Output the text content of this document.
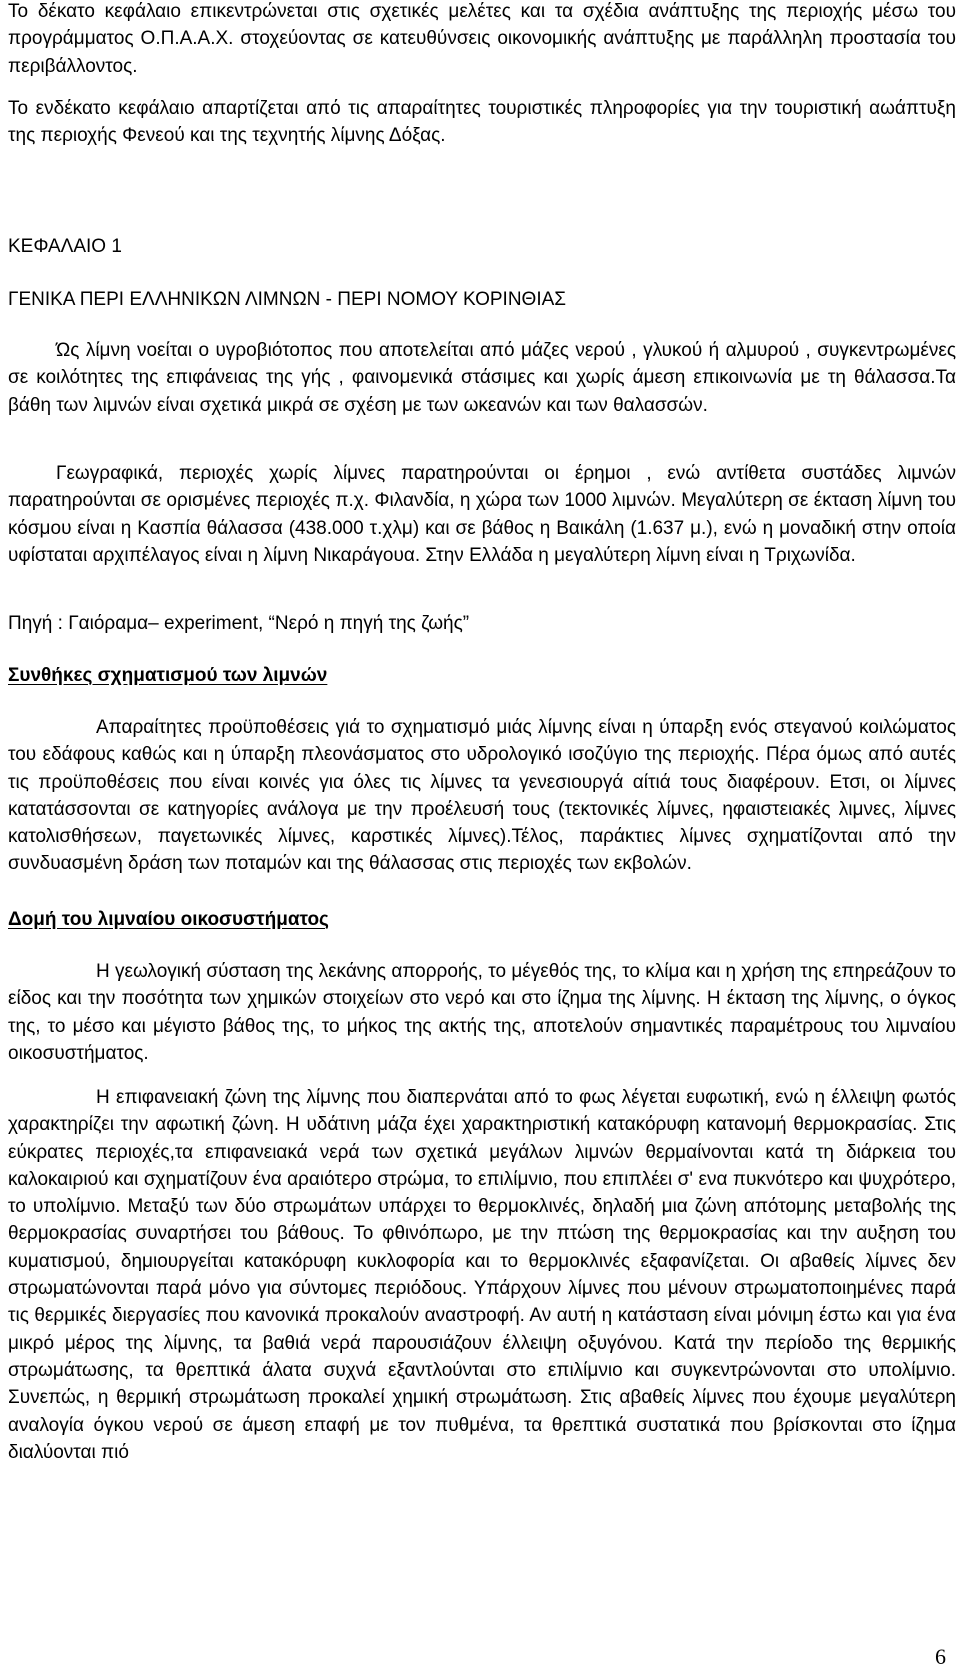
Το δέκατο κεφάλαιο επικεντρώνεται στις σχετικές μελέτες και τα σχέδια ανάπτυξης της περιοχής μέσω του προγράμματος Ο.Π.Α.Α.Χ. στοχεύοντας σε κατευθύνσεις οικονομικής ανάπτυξης με παράλληλη προστασία του περιβάλλοντος.

Το ενδέκατο κεφάλαιο απαρτίζεται από τις απαραίτητες τουριστικές πληροφορίες για την τουριστική αωάπτυξη της περιοχής Φενεού και της τεχνητής λίμνης Δόξας.

ΚΕΦΑΛΑΙΟ 1
ΓΕΝΙΚΑ ΠΕΡΙ ΕΛΛΗΝΙΚΩΝ ΛΙΜΝΩΝ - ΠΕΡΙ ΝΟΜΟΥ ΚΟΡΙΝΘΙΑΣ

Ώς λίμνη νοείται ο υγροβιότοπος που αποτελείται από μάζες νερού , γλυκού ή αλμυρού , συγκεντρωμένες σε κοιλότητες της επιφάνειας της γής , φαινομενικά στάσιμες και χωρίς άμεση επικοινωνία με τη θάλασσα.Τα βάθη των λιμνών είναι σχετικά μικρά σε σχέση με των ωκεανών και των θαλασσών.

Γεωγραφικά, περιοχές χωρίς λίμνες παρατηρούνται οι έρημοι , ενώ αντίθετα συστάδες λιμνών παρατηρούνται σε ορισμένες περιοχές π.χ. Φιλανδία, η χώρα των 1000 λιμνών. Μεγαλύτερη σε έκταση λίμνη του κόσμου είναι η Κασπία θάλασσα (438.000 τ.χλμ) και σε βάθος η Βαικάλη (1.637 μ.), ενώ η μοναδική στην οποία υφίσταται αρχιπέλαγος είναι η λίμνη Νικαράγουα. Στην Ελλάδα η μεγαλύτερη λίμνη είναι η Τριχωνίδα.

Πηγή : Γαιόραμα– experiment, “Νερό η πηγή της ζωής”
Συνθήκες σχηματισμού των λιμνών

Απαραίτητες προϋποθέσεις γιά το σχηματισμό μιάς λίμνης είναι η ύπαρξη ενός στεγανού κοιλώματος του εδάφους καθώς και η ύπαρξη πλεονάσματος στο υδρολογικό ισοζύγιο της περιοχής. Πέρα όμως από αυτές τις προϋποθέσεις που είναι κοινές για όλες τις λίμνες τα γενεσιουργά αίτιά τους διαφέρουν. Ετσι, οι λίμνες κατατάσσονται σε κατηγορίες ανάλογα με την προέλευσή τους (τεκτονικές λίμνες, ηφαιστειακές λιμνες, λίμνες κατολισθήσεων, παγετωνικές λίμνες, καρστικές λίμνες).Τέλος, παράκτιες λίμνες σχηματίζονται από την συνδυασμένη δράση των ποταμών και της θάλασσας στις περιοχές των εκβολών.

Δομή του λιμναίου οικοσυστήματος

Η γεωλογική σύσταση της λεκάνης απορροής, το μέγεθός της, το κλίμα και η χρήση της επηρεάζουν το είδος και την ποσότητα των χημικών στοιχείων στο νερό και στο ίζημα της λίμνης. Η έκταση της λίμνης, ο όγκος της, το μέσο και μέγιστο βάθος της, το μήκος της ακτής της, αποτελούν σημαντικές παραμέτρους του λιμναίου οικοσυστήματος.

Η επιφανειακή ζώνη της λίμνης που διαπερνάται από το φως λέγεται ευφωτική, ενώ η έλλειψη φωτός χαρακτηρίζει την αφωτική ζώνη. Η υδάτινη μάζα έχει χαρακτηριστική κατακόρυφη κατανομή θερμοκρασίας. Στις εύκρατες περιοχές,τα επιφανειακά νερά των σχετικά μεγάλων λιμνών θερμαίνονται κατά τη διάρκεια του καλοκαιριού και σχηματίζουν ένα αραιότερο στρώμα, το επιλίμνιο, που επιπλέει σ' ενα πυκνότερο και ψυχρότερο, το υπολίμνιο. Μεταξύ των δύο στρωμάτων υπάρχει το θερμοκλινές, δηλαδή μια ζώνη απότομης μεταβολής της θερμοκρασίας συναρτήσει του βάθους. Το φθινόπωρο, με την πτώση της θερμοκρασίας και την αυξηση του κυματισμού, δημιουργείται κατακόρυφη κυκλοφορία και το θερμοκλινές εξαφανίζεται. Οι αβαθείς λίμνες δεν στρωματώνονται παρά μόνο για σύντομες περιόδους. Υπάρχουν λίμνες που μένουν στρωματοποιημένες παρά τις θερμικές διεργασίες που κανονικά προκαλούν αναστροφή. Αν αυτή η κατάσταση είναι μόνιμη έστω και για ένα μικρό μέρος της λίμνης, τα βαθιά νερά παρουσιάζουν έλλειψη οξυγόνου. Κατά την περίοδο της θερμικής στρωμάτωσης, τα θρεπτικά άλατα συχνά εξαντλούνται στο επιλίμνιο και συγκεντρώνονται στο υπολίμνιο. Συνεπώς, η θερμική στρωμάτωση προκαλεί χημική στρωμάτωση. Στις αβαθείς λίμνες που έχουμε μεγαλύτερη αναλογία όγκου νερού σε άμεση επαφή με τον πυθμένα, τα θρεπτικά συστατικά που βρίσκονται στο ίζημα διαλύονται πιό

6
